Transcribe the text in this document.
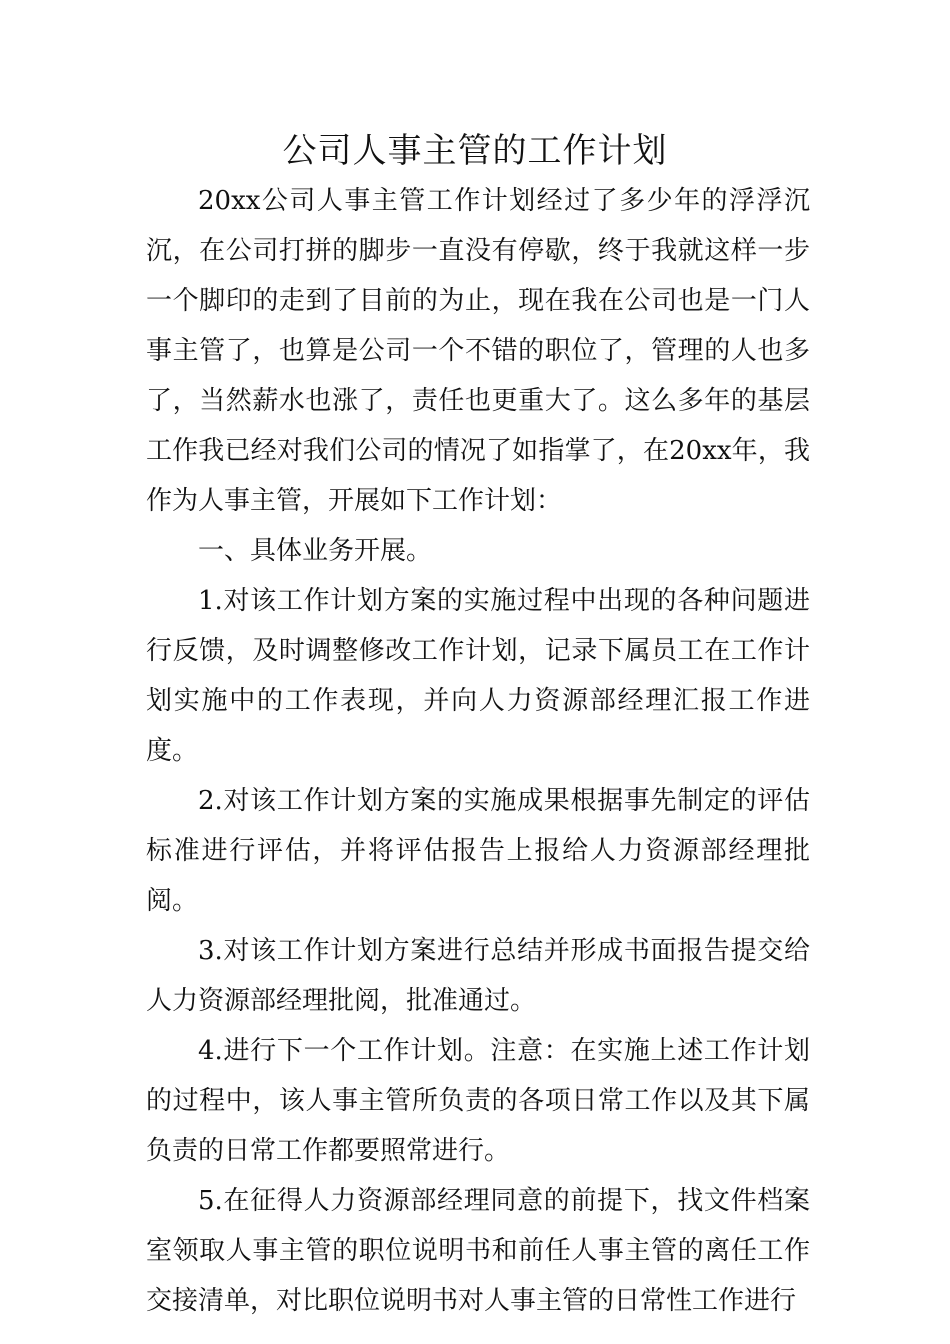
公司人事主管的工作计划

20xx公司人事主管工作计划经过了多少年的浮浮沉沉，在公司打拼的脚步一直没有停歇，终于我就这样一步一个脚印的走到了目前的为止，现在我在公司也是一门人事主管了，也算是公司一个不错的职位了，管理的人也多了，当然薪水也涨了，责任也更重大了。这么多年的基层工作我已经对我们公司的情况了如指掌了，在20xx年，我作为人事主管，开展如下工作计划：

一、具体业务开展。

1.对该工作计划方案的实施过程中出现的各种问题进行反馈，及时调整修改工作计划，记录下属员工在工作计划实施中的工作表现，并向人力资源部经理汇报工作进度。

2.对该工作计划方案的实施成果根据事先制定的评估标准进行评估，并将评估报告上报给人力资源部经理批阅。

3.对该工作计划方案进行总结并形成书面报告提交给人力资源部经理批阅，批准通过。

4.进行下一个工作计划。注意：在实施上述工作计划的过程中，该人事主管所负责的各项日常工作以及其下属负责的日常工作都要照常进行。

5.在征得人力资源部经理同意的前提下，找文件档案室领取人事主管的职位说明书和前任人事主管的离任工作交接清单，对比职位说明书对人事主管的日常性工作进行
